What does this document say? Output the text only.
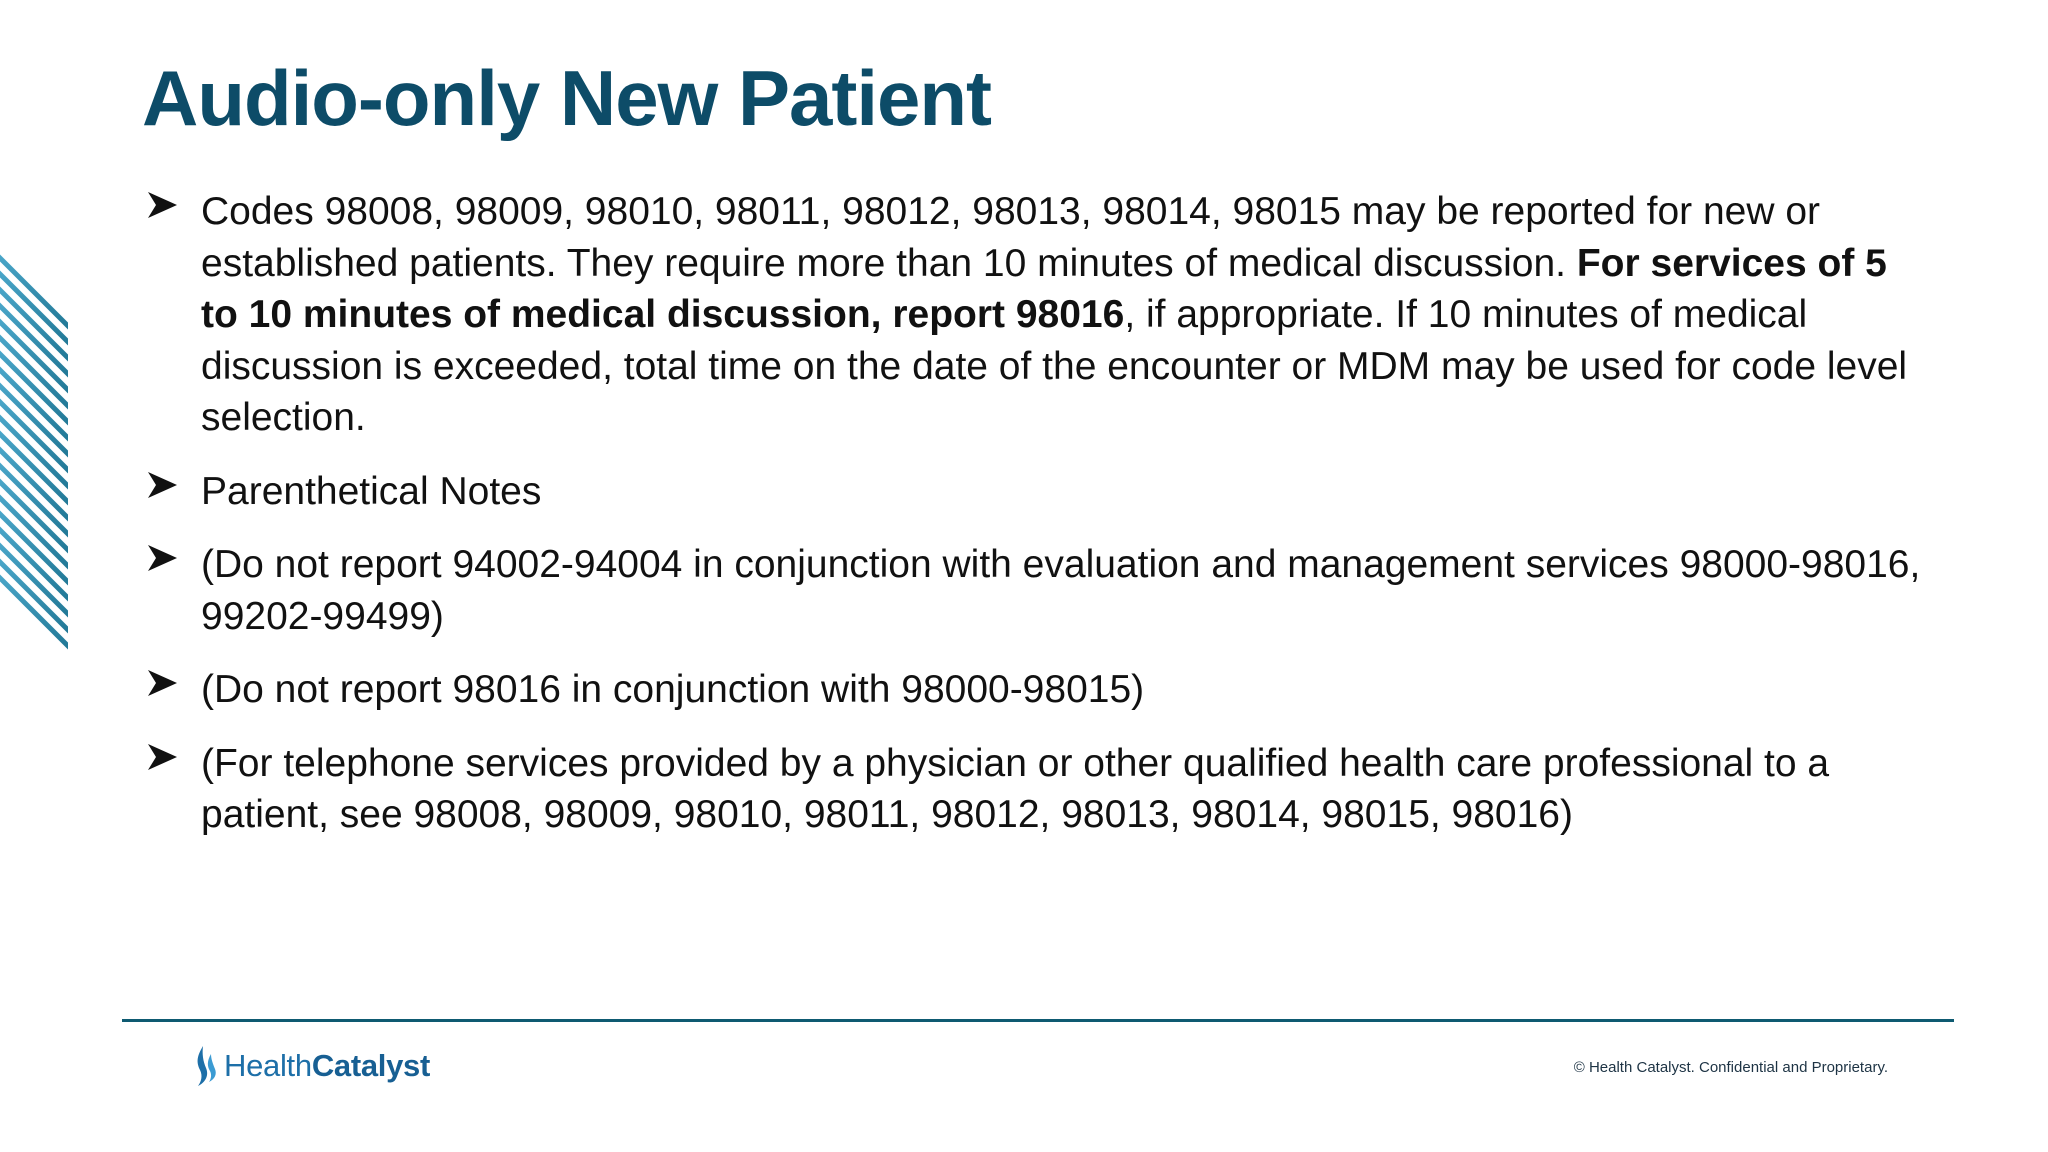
Audio-only New Patient
Codes 98008, 98009, 98010, 98011, 98012, 98013, 98014, 98015 may be reported for new or established patients. They require more than 10 minutes of medical discussion. For services of 5 to 10 minutes of medical discussion, report 98016, if appropriate. If 10 minutes of medical discussion is exceeded, total time on the date of the encounter or MDM may be used for code level selection.
Parenthetical Notes
(Do not report 94002-94004 in conjunction with evaluation and management services 98000-98016, 99202-99499)
(Do not report 98016 in conjunction with 98000-98015)
(For telephone services provided by a physician or other qualified health care professional to a patient, see 98008, 98009, 98010, 98011, 98012, 98013, 98014, 98015, 98016)
HealthCatalyst	© Health Catalyst. Confidential and Proprietary.
